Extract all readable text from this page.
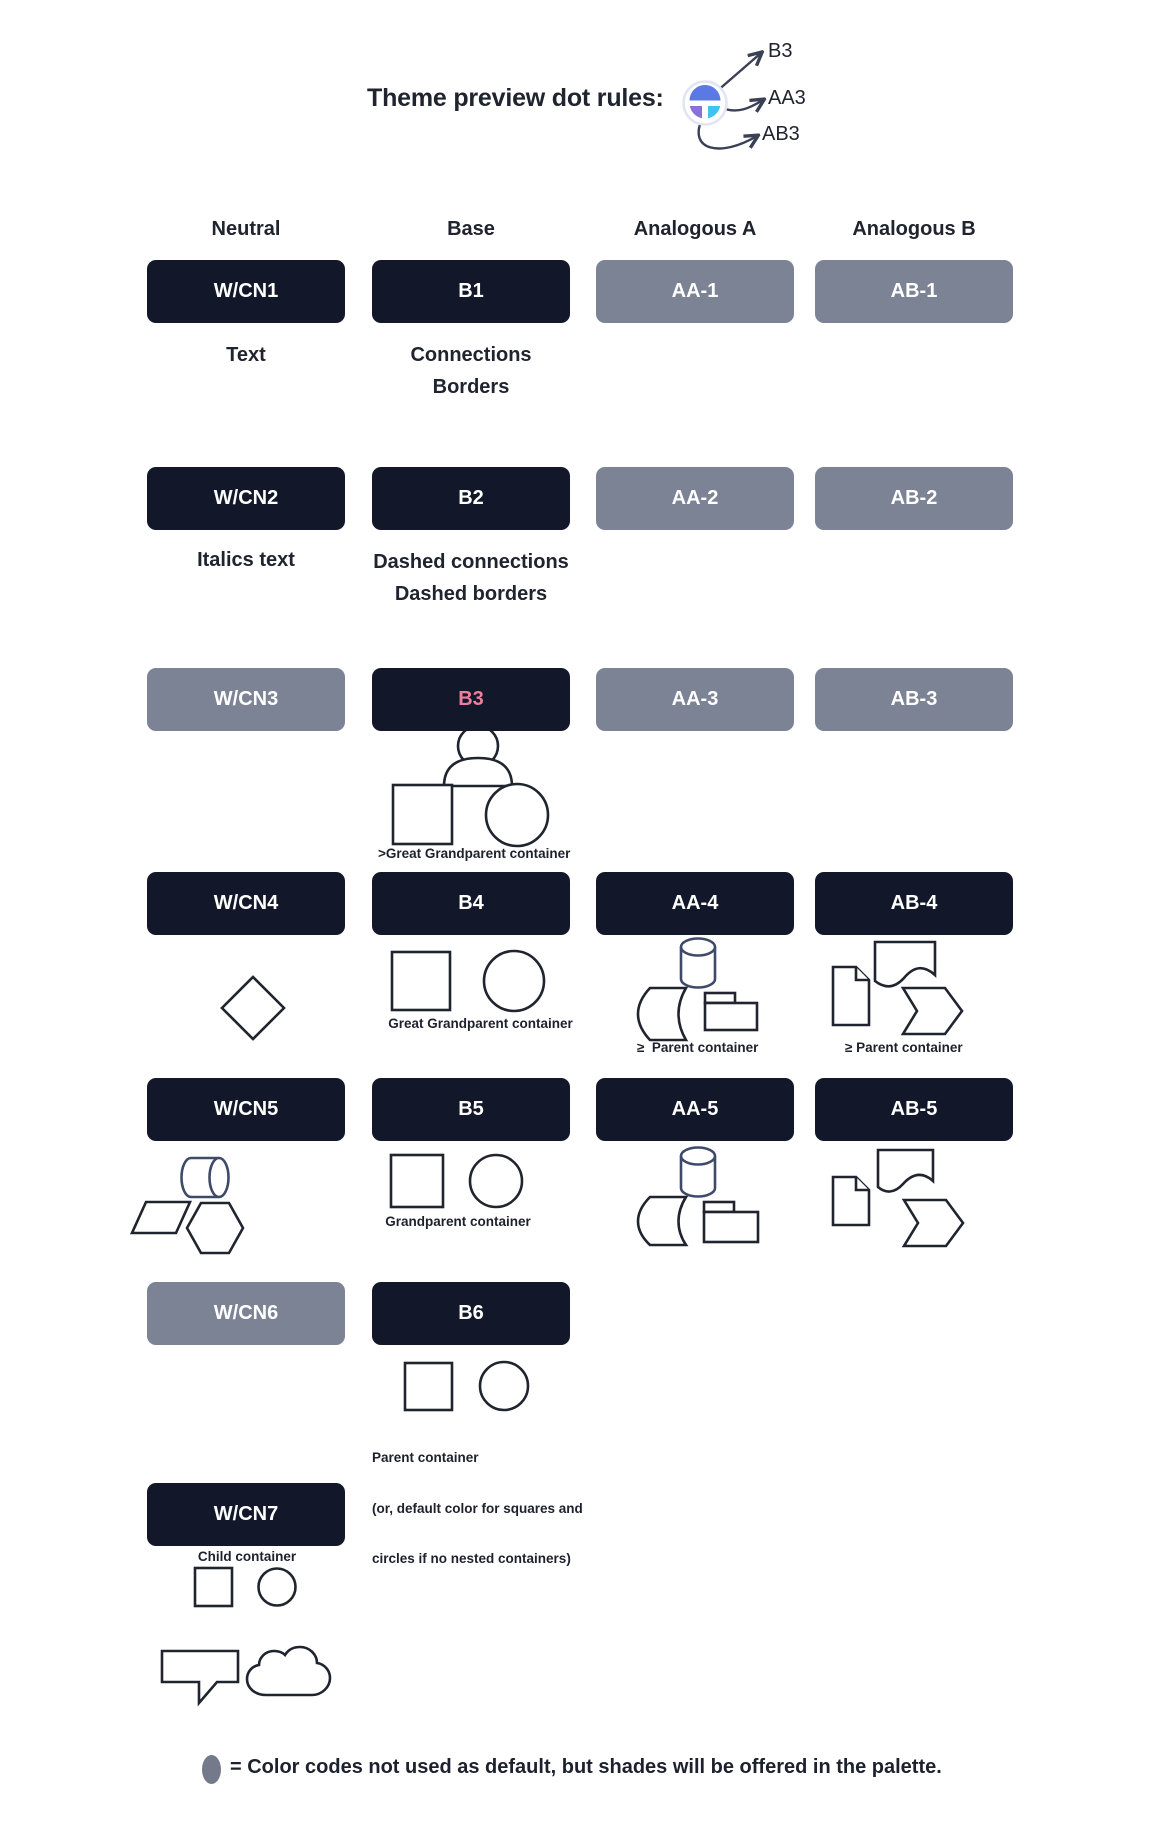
Theme preview dot rules:
B3
AA3
AB3
Neutral	Base	Analogous A	Analogous B
W/CN1	B1	AA-1	AB-1
Text	Connections
Borders
W/CN2	B2	AA-2	AB-2
Italics text	Dashed connections
Dashed borders
W/CN3	B3	AA-3	AB-3
>Great Grandparent container
W/CN4	B4	AA-4	AB-4
Great Grandparent container
≥  Parent container	≥ Parent container
W/CN5	B5	AA-5	AB-5
Grandparent container
W/CN6	B6

Parent container

(or, default color for squares and

circles if no nested containers)

W/CN7
Child container
= Color codes not used as default, but shades will be offered in the palette.
